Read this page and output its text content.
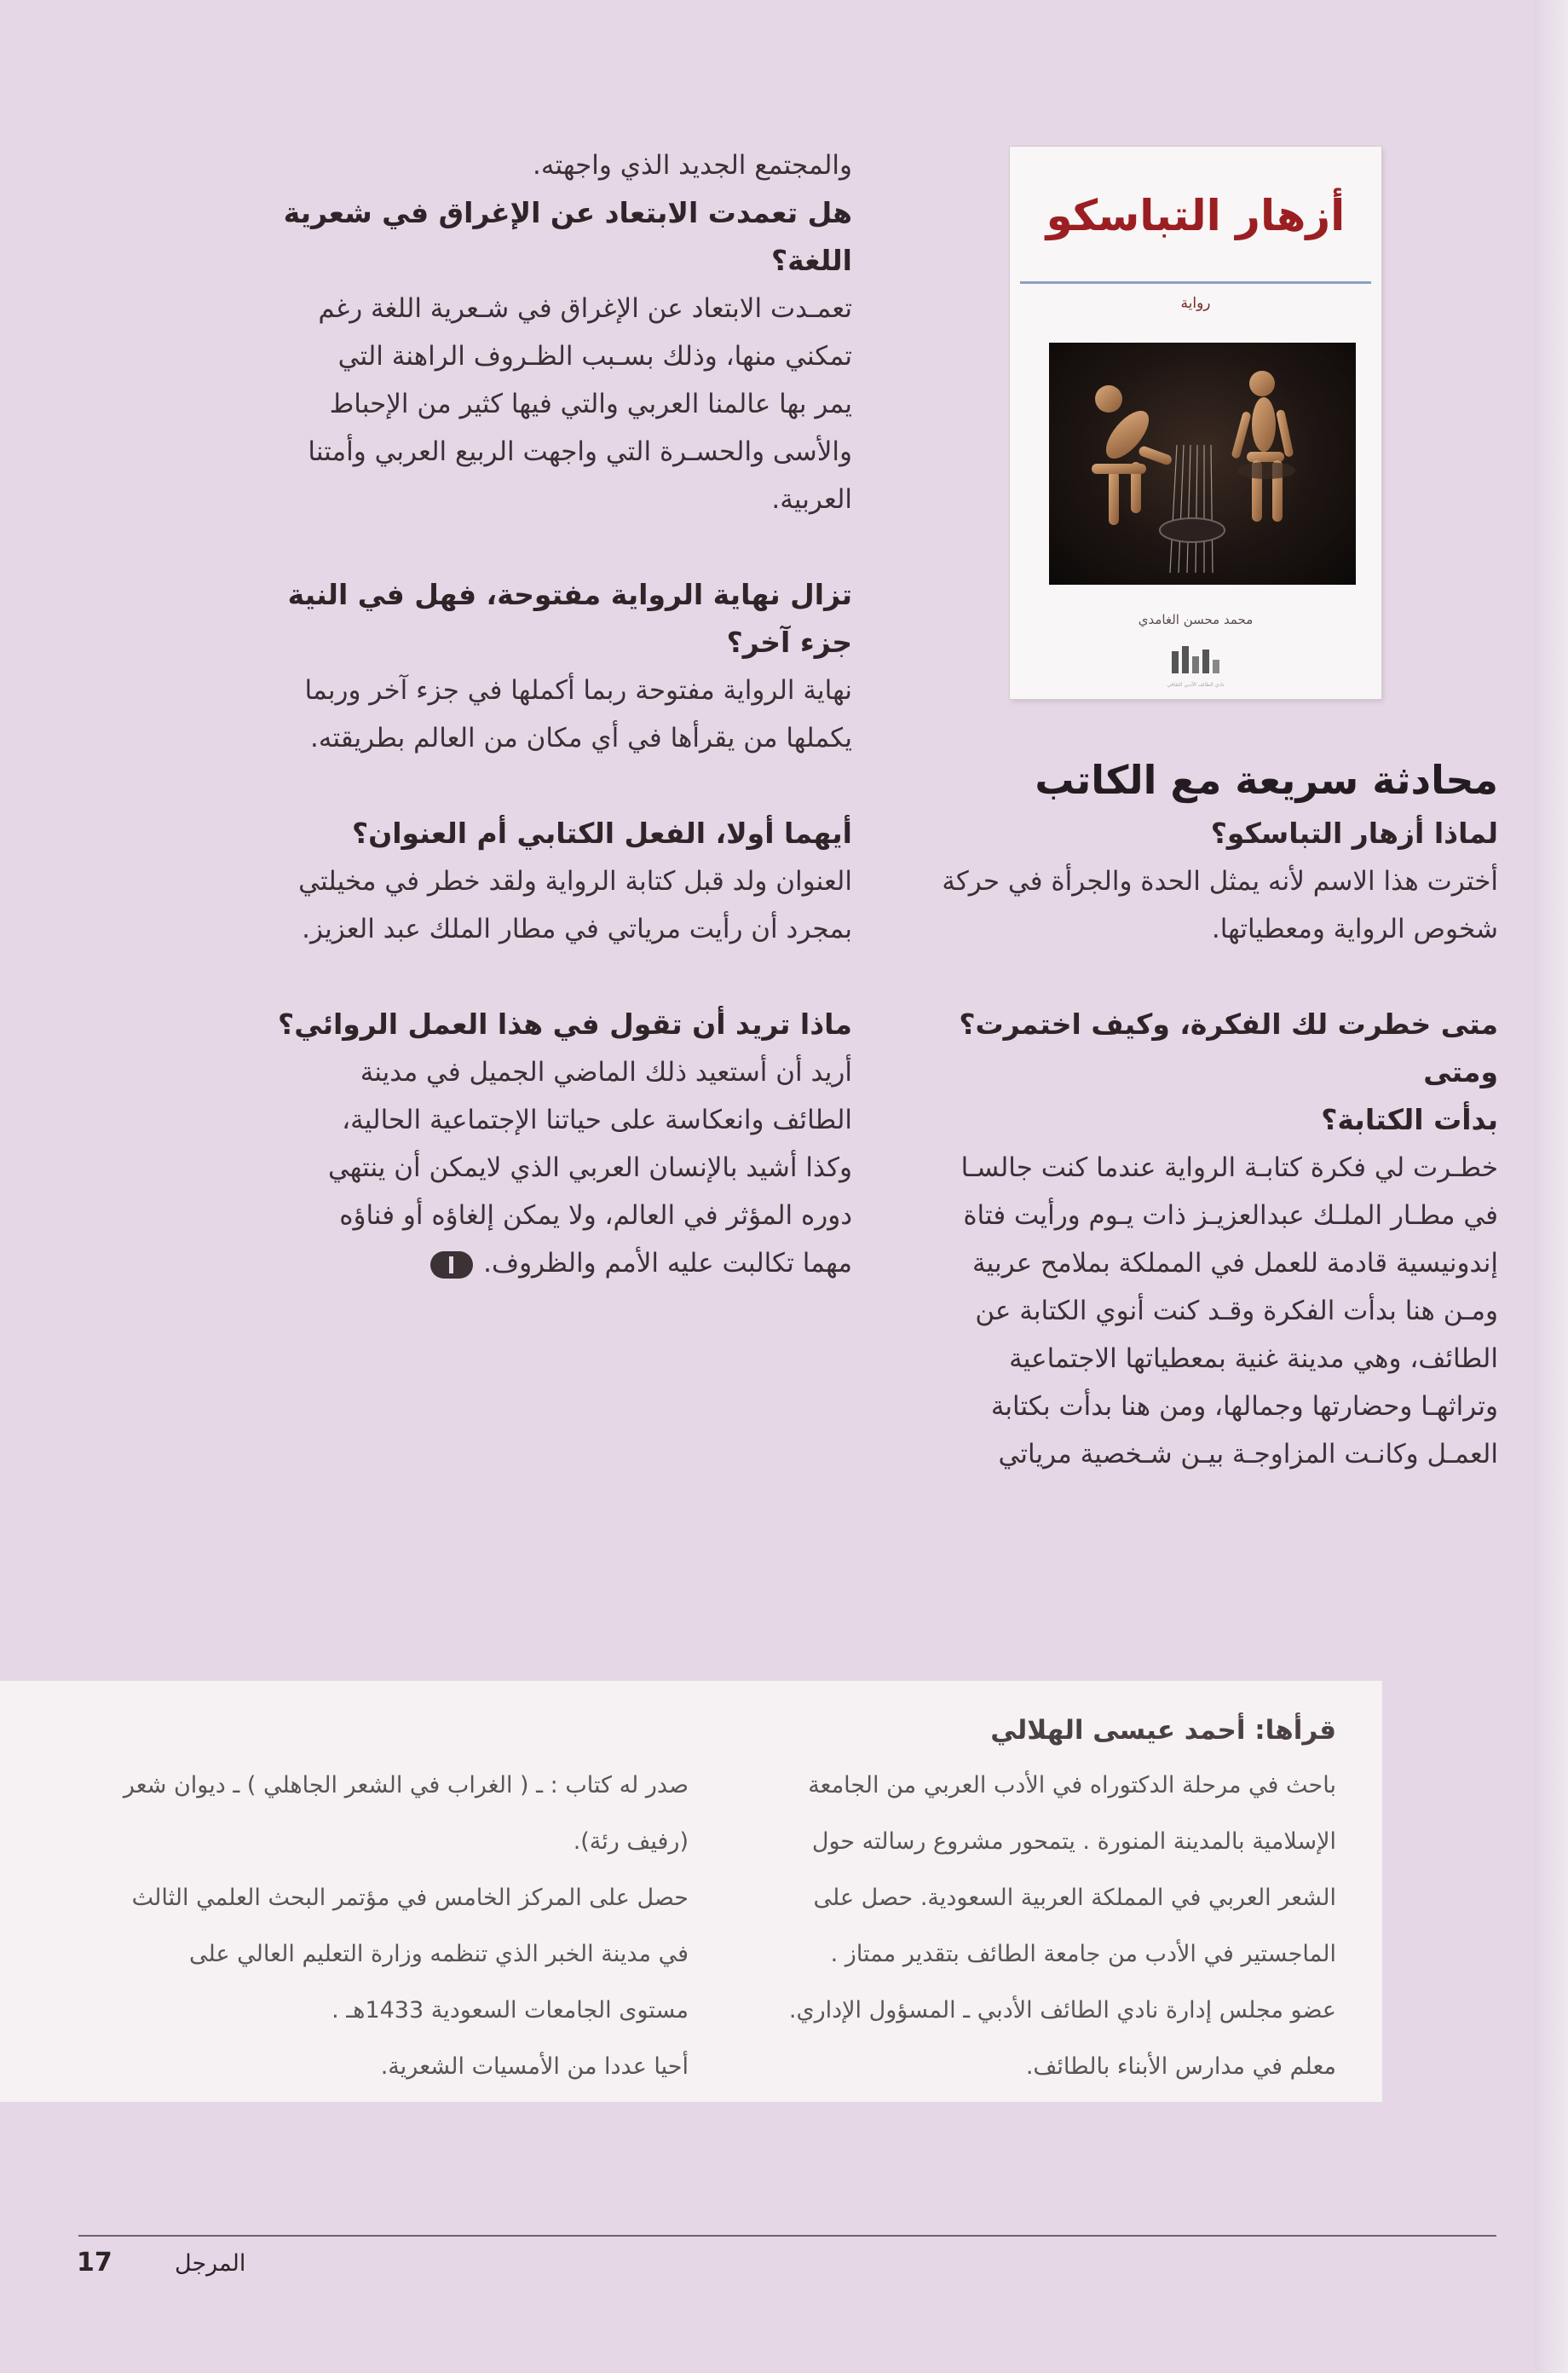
والمجتمع الجديد الذي واجهته.

هل تعمدت الابتعاد عن الإغراق في شعرية اللغة؟

تعمـدت الابتعاد عن الإغراق في شـعرية اللغة رغم

تمكني منها، وذلك بسـبب الظـروف الراهنة التي

يمر بها عالمنا العربي والتي فيها كثير من الإحباط

والأسى والحسـرة التي واجهت الربيع العربي وأمتنا

العربية.

تزال نهاية الرواية مفتوحة، فهل في النية جزء آخر؟

نهاية الرواية مفتوحة ربما أكملها في جزء آخر وربما

يكملها من يقرأها في أي مكان من العالم بطريقته.

أيهما أولا، الفعل الكتابي أم العنوان؟

العنوان ولد قبل كتابة الرواية ولقد خطر في مخيلتي

بمجرد أن رأيت مرياتي في مطار الملك عبد العزيز.

ماذا تريد أن تقول في هذا العمل الروائي؟

أريد أن أستعيد ذلك الماضي الجميل في مدينة

الطائف وانعكاسة على حياتنا الإجتماعية الحالية،

وكذا أشيد بالإنسان العربي الذي لايمكن أن ينتهي

دوره المؤثر في العالم، ولا يمكن إلغاؤه أو فناؤه

مهما تكالبت عليه الأمم والظروف.

أزهار التباسكو
رواية
محمد محسن الغامدي
نادي الطائف الأدبي الثقافي
محادثة سريعة مع الكاتب

لماذا أزهار التباسكو؟

أخترت هذا الاسم لأنه يمثل الحدة والجرأة في حركة

شخوص الرواية ومعطياتها.

متى خطرت لك الفكرة، وكيف اختمرت؟ ومتى

بدأت الكتابة؟

خطـرت لي فكرة كتابـة الرواية عندما كنت جالسـا

في مطـار الملـك عبدالعزيـز ذات يـوم ورأيت فتاة

إندونيسية قادمة للعمل في المملكة بملامح عربية

ومـن هنا بدأت الفكرة وقـد كنت أنوي الكتابة عن

الطائف، وهي مدينة غنية بمعطياتها الاجتماعية

وتراثهـا وحضارتها وجمالها، ومن هنا بدأت بكتابة

العمـل وكانـت المزاوجـة بيـن شـخصية مرياتي

قرأها: أحمد عيسى الهلالي

باحث في مرحلة الدكتوراه في الأدب العربي من الجامعة

الإسلامية بالمدينة المنورة . يتمحور مشروع رسالته حول

الشعر العربي في المملكة العربية السعودية. حصل على

الماجستير في الأدب من جامعة الطائف بتقدير ممتاز .

عضو مجلس إدارة نادي الطائف الأدبي ـ المسؤول الإداري.

معلم في مدارس الأبناء بالطائف.

صدر له كتاب : ـ ( الغراب في الشعر الجاهلي ) ـ ديوان شعر

(رفيف رئة).

حصل على المركز الخامس في مؤتمر البحث العلمي الثالث

في مدينة الخبر الذي تنظمه وزارة التعليم العالي على

مستوى الجامعات السعودية 1433هـ .

أحيا عددا من الأمسيات الشعرية.

17	المرجل
